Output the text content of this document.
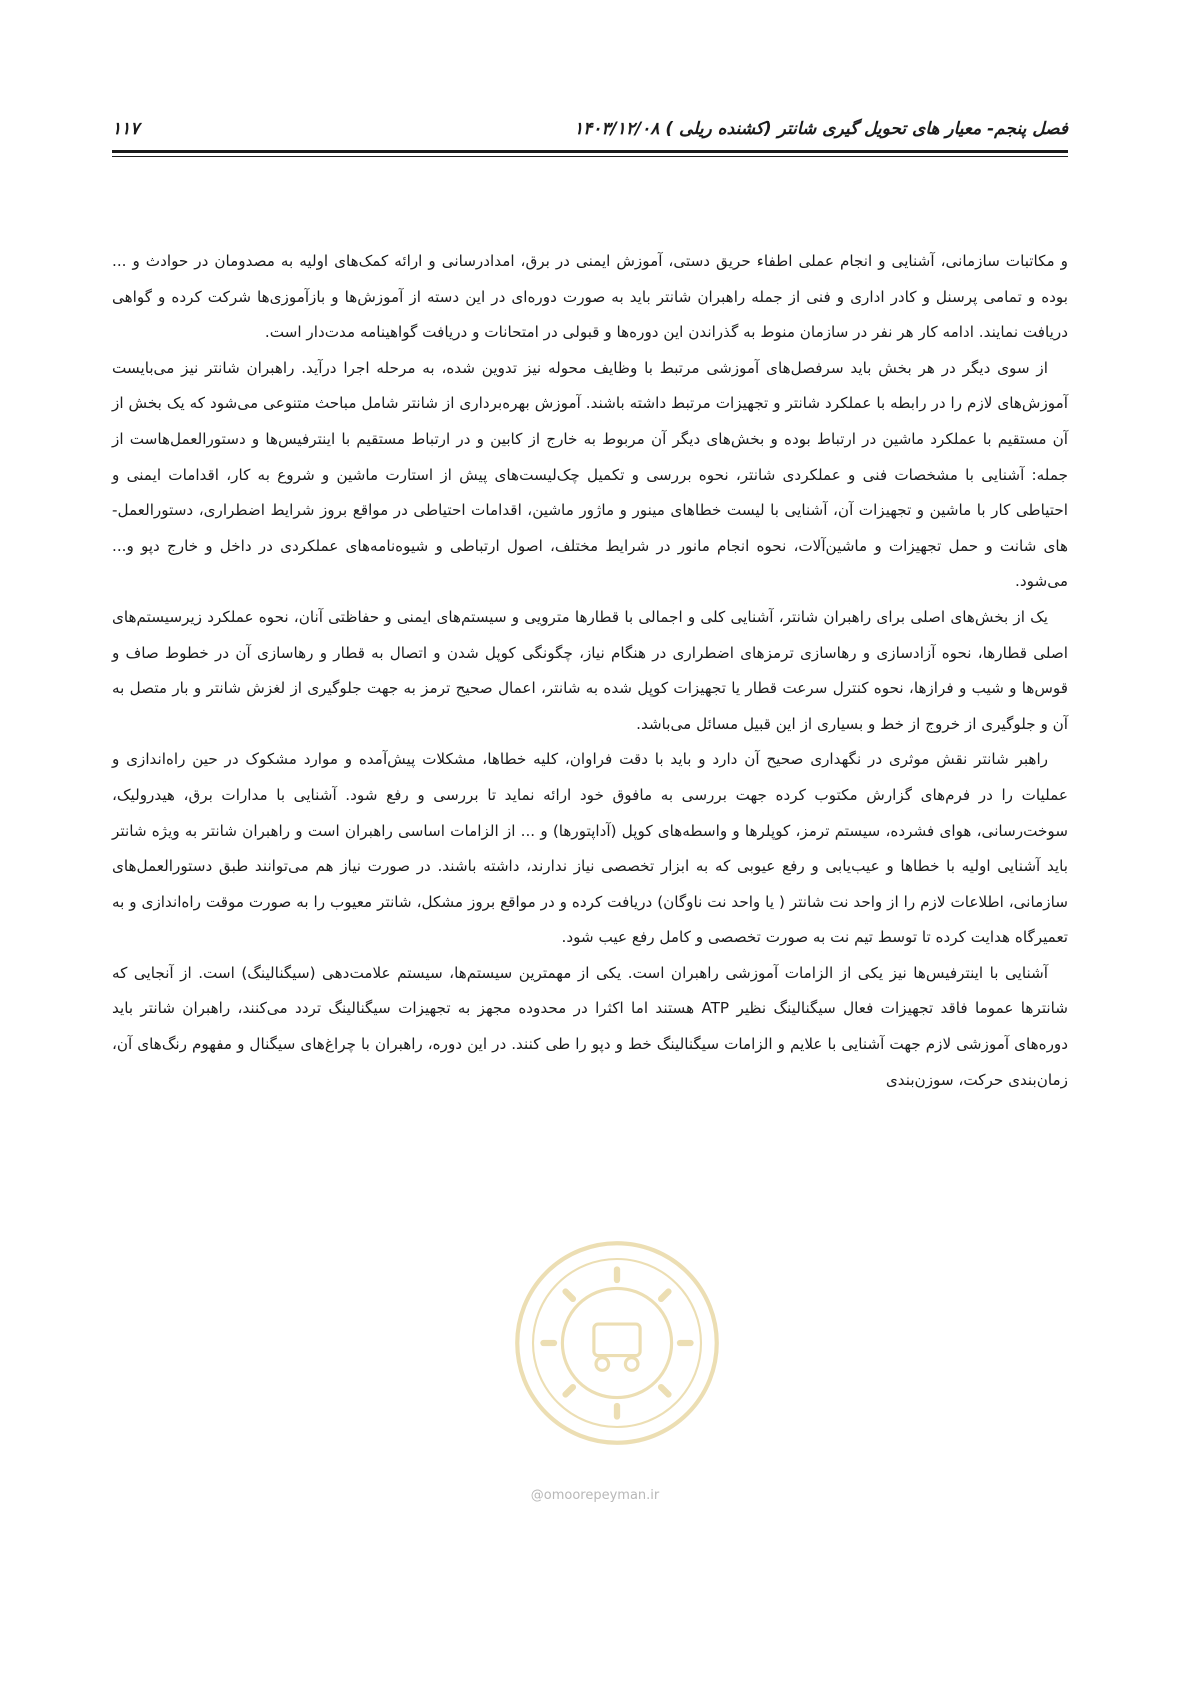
فصل پنجم- معیار های تحویل گیری شانتر (کشنده ریلی ) ۱۴۰۳/۱۲/۰۸
۱۱۷

و مکاتبات سازمانی، آشنایی و انجام عملی اطفاء حریق دستی، آموزش ایمنی در برق، امدادرسانی و ارائه کمک‌های اولیه به مصدومان در حوادث و ... بوده و تمامی پرسنل و کادر اداری و فنی از جمله راهبران شانتر باید به صورت دوره‌ای در این دسته از آموزش‌ها و بازآموزی‌ها شرکت کرده و گواهی دریافت نمایند. ادامه کار هر نفر در سازمان منوط به گذراندن این دوره‌ها و قبولی در امتحانات و دریافت گواهینامه مدت‌دار است.

از سوی دیگر در هر بخش باید سرفصل‌های آموزشی مرتبط با وظایف محوله نیز تدوین شده، به مرحله اجرا درآید. راهبران شانتر نیز می‌بایست آموزش‌های لازم را در رابطه با عملکرد شانتر و تجهیزات مرتبط داشته باشند. آموزش بهره‌برداری از شانتر شامل مباحث متنوعی می‌شود که یک بخش از آن مستقیم با عملکرد ماشین در ارتباط بوده و بخش‌های دیگر آن مربوط به خارج از کابین و در ارتباط مستقیم با اینترفیس‌ها و دستورالعمل‌هاست از جمله: آشنایی با مشخصات فنی و عملکردی شانتر، نحوه بررسی و تکمیل چک‌لیست‌های پیش از استارت ماشین و شروع به کار، اقدامات ایمنی و احتیاطی کار با ماشین و تجهیزات آن، آشنایی با لیست خطاهای مینور و ماژور ماشین، اقدامات احتیاطی در مواقع بروز شرایط اضطراری، دستورالعمل-های شانت و حمل تجهیزات و ماشین‌آلات، نحوه انجام مانور در شرایط مختلف، اصول ارتباطی و شیوه‌نامه‌های عملکردی در داخل و خارج دپو و... می‌شود.

یک از بخش‌های اصلی برای راهبران شانتر، آشنایی کلی و اجمالی با قطارها مترویی و سیستم‌های ایمنی و حفاظتی آنان، نحوه عملکرد زیرسیستم‌های اصلی قطارها، نحوه آزادسازی و رهاسازی ترمزهای اضطراری در هنگام نیاز، چگونگی کوپل شدن و اتصال به قطار و رهاسازی آن در خطوط صاف و قوس‌ها و شیب و فرازها، نحوه کنترل سرعت قطار یا تجهیزات کوپل شده به شانتر، اعمال صحیح ترمز به جهت جلوگیری از لغزش شانتر و بار متصل به آن و جلوگیری از خروج از خط و بسیاری از این قبیل مسائل می‌باشد.

راهبر شانتر نقش موثری در نگهداری صحیح آن دارد و باید با دقت فراوان، کلیه خطاها، مشکلات پیش‌آمده و موارد مشکوک در حین راه‌اندازی و عملیات را در فرم‌های گزارش مکتوب کرده جهت بررسی به مافوق خود ارائه نماید تا بررسی و رفع شود. آشنایی با مدارات برق، هیدرولیک، سوخت‌رسانی، هوای فشرده، سیستم ترمز، کوپلرها و واسطه‌های کوپل (آداپتورها) و ... از الزامات اساسی راهبران است و راهبران شانتر به ویژه شانتر باید آشنایی اولیه با خطاها و عیب‌یابی و رفع عیوبی که به ابزار تخصصی نیاز ندارند، داشته باشند. در صورت نیاز هم می‌توانند طبق دستورالعمل‌های سازمانی، اطلاعات لازم را از واحد نت شانتر ( یا واحد نت ناوگان) دریافت کرده و در مواقع بروز مشکل، شانتر معیوب را به صورت موقت راه‌اندازی و به تعمیرگاه هدایت کرده تا توسط تیم نت به صورت تخصصی و کامل رفع عیب شود.

آشنایی با اینترفیس‌ها نیز یکی از الزامات آموزشی راهبران است. یکی از مهمترین سیستم‌ها، سیستم علامت‌دهی (سیگنالینگ) است. از آنجایی که شانترها عموما فاقد تجهیزات فعال سیگنالینگ نظیر ATP هستند اما اکثرا در محدوده مجهز به تجهیزات سیگنالینگ تردد می‌کنند، راهبران شانتر باید دوره‌های آموزشی لازم جهت آشنایی با علایم و الزامات سیگنالینگ خط و دپو را طی کنند. در این دوره، راهبران با چراغ‌های سیگنال و مفهوم رنگ‌های آن، زمان‌بندی حرکت، سوزن‌بندی

@omoorepeyman.ir
